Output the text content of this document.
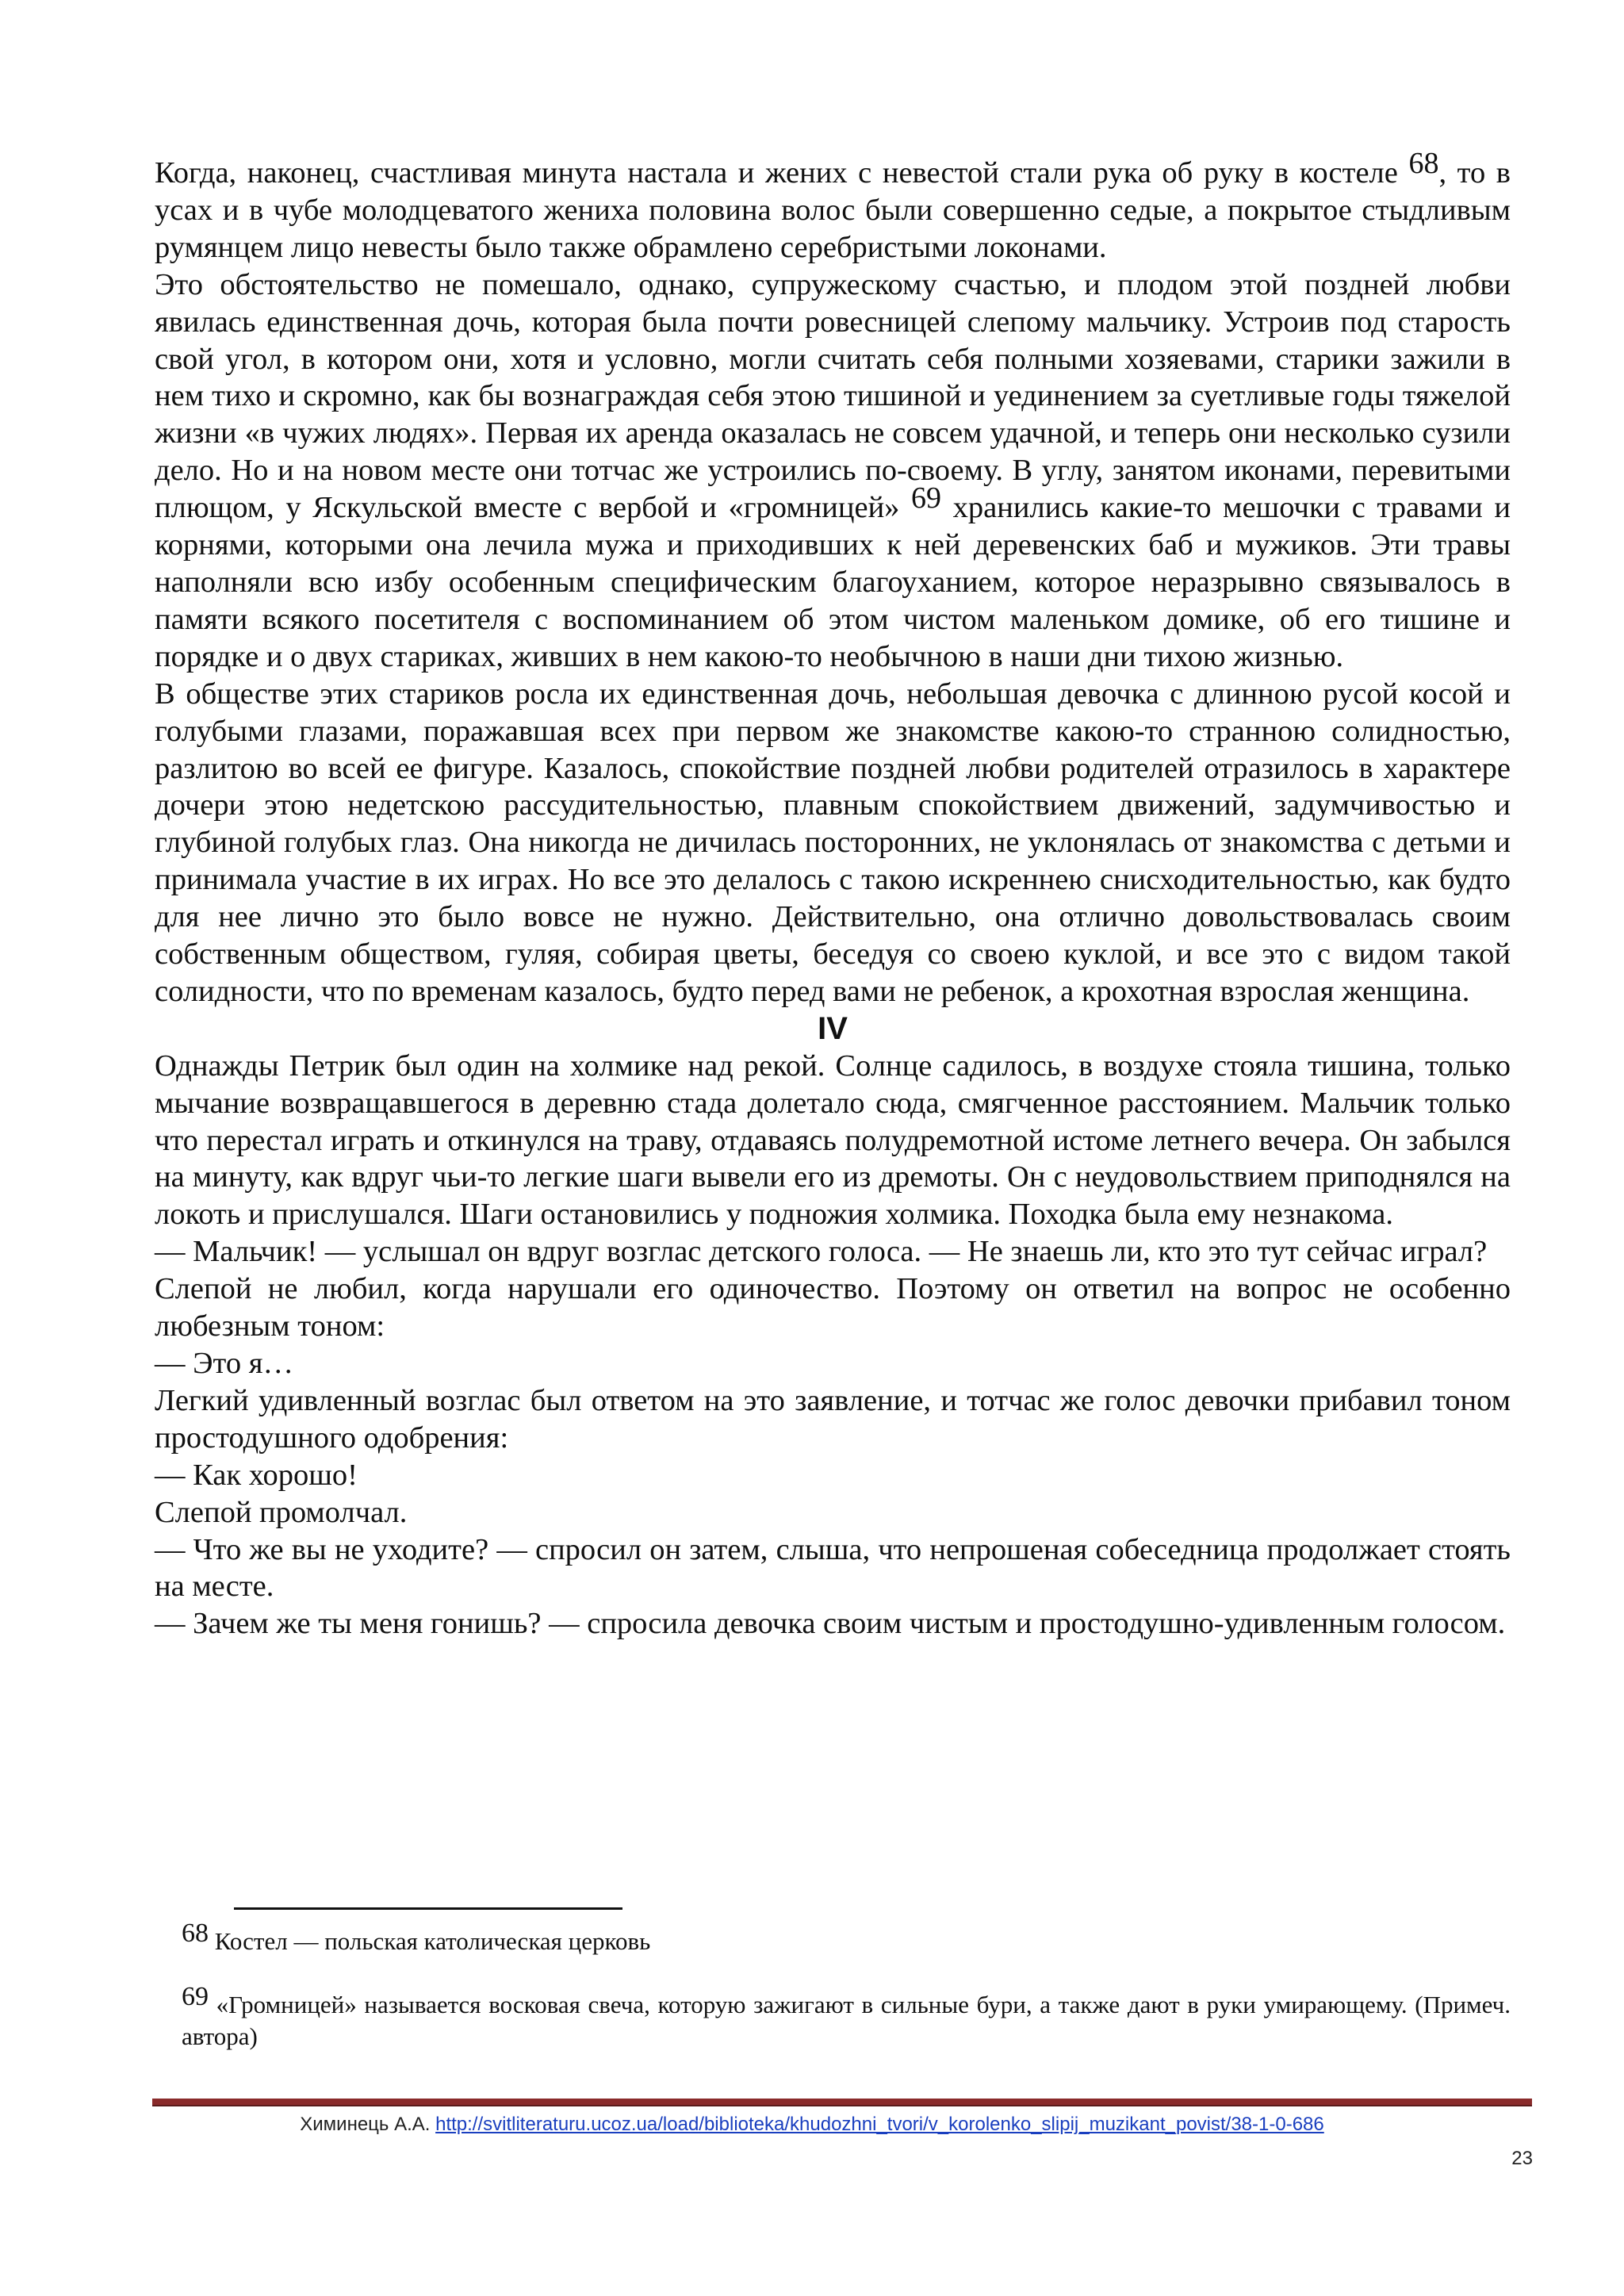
Когда, наконец, счастливая минута настала и жених с невестой стали рука об руку в костеле 68, то в усах и в чубе молодцеватого жениха половина волос были совершенно седые, а покрытое стыдливым румянцем лицо невесты было также обрамлено серебристыми локонами.

Это обстоятельство не помешало, однако, супружескому счастью, и плодом этой поздней любви явилась единственная дочь, которая была почти ровесницей слепому мальчику. Устроив под старость свой угол, в котором они, хотя и условно, могли считать себя полными хозяевами, старики зажили в нем тихо и скромно, как бы вознаграждая себя этою тишиной и уединением за суетливые годы тяжелой жизни «в чужих людях». Первая их аренда оказалась не совсем удачной, и теперь они несколько сузили дело. Но и на новом месте они тотчас же устроились по-своему. В углу, занятом иконами, перевитыми плющом, у Яскульской вместе с вербой и «громницей» 69 хранились какие-то мешочки с травами и корнями, которыми она лечила мужа и приходивших к ней деревенских баб и мужиков. Эти травы наполняли всю избу особенным специфическим благоуханием, которое неразрывно связывалось в памяти всякого посетителя с воспоминанием об этом чистом маленьком домике, об его тишине и порядке и о двух стариках, живших в нем какою-то необычною в наши дни тихою жизнью.

В обществе этих стариков росла их единственная дочь, небольшая девочка с длинною русой косой и голубыми глазами, поражавшая всех при первом же знакомстве какою-то странною солидностью, разлитою во всей ее фигуре. Казалось, спокойствие поздней любви родителей отразилось в характере дочери этою недетскою рассудительностью, плавным спокойствием движений, задумчивостью и глубиной голубых глаз. Она никогда не дичилась посторонних, не уклонялась от знакомства с детьми и принимала участие в их играх. Но все это делалось с такою искреннею снисходительностью, как будто для нее лично это было вовсе не нужно. Действительно, она отлично довольствовалась своим собственным обществом, гуляя, собирая цветы, беседуя со своею куклой, и все это с видом такой солидности, что по временам казалось, будто перед вами не ребенок, а крохотная взрослая женщина.

IV

Однажды Петрик был один на холмике над рекой. Солнце садилось, в воздухе стояла тишина, только мычание возвращавшегося в деревню стада долетало сюда, смягченное расстоянием. Мальчик только что перестал играть и откинулся на траву, отдаваясь полудремотной истоме летнего вечера. Он забылся на минуту, как вдруг чьи-то легкие шаги вывели его из дремоты. Он с неудовольствием приподнялся на локоть и прислушался. Шаги остановились у подножия холмика. Походка была ему незнакома.

— Мальчик! — услышал он вдруг возглас детского голоса. — Не знаешь ли, кто это тут сейчас играл?

Слепой не любил, когда нарушали его одиночество. Поэтому он ответил на вопрос не особенно любезным тоном:

— Это я…

Легкий удивленный возглас был ответом на это заявление, и тотчас же голос девочки прибавил тоном простодушного одобрения:

— Как хорошо!

Слепой промолчал.

— Что же вы не уходите? — спросил он затем, слыша, что непрошеная собеседница продолжает стоять на месте.

— Зачем же ты меня гонишь? — спросила девочка своим чистым и простодушно-удивленным голосом.

68 Костел — польская католическая церковь

69 «Громницей» называется восковая свеча, которую зажигают в сильные бури, а также дают в руки умирающему. (Примеч. автора)

Химинець А.А. http://svitliteraturu.ucoz.ua/load/biblioteka/khudozhni_tvori/v_korolenko_slipij_muzikant_povist/38-1-0-686
23
